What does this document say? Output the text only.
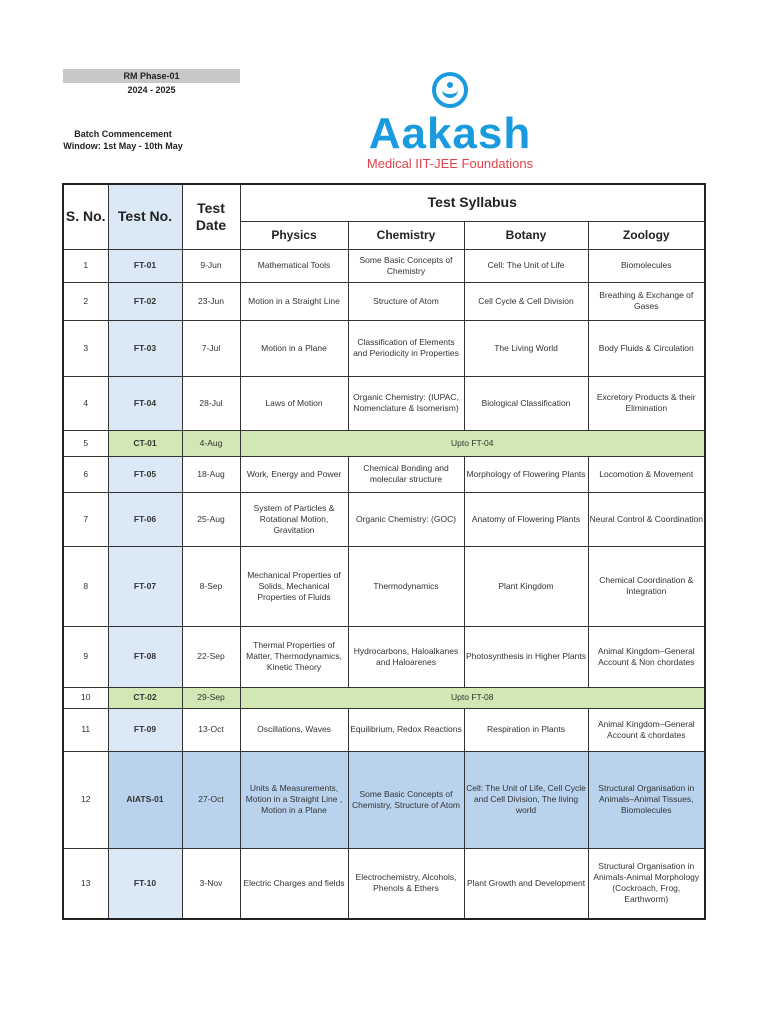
RM Phase-01
2024 - 2025
Batch Commencement Window: 1st May - 10th May	Aakash
Medical IIT-JEE Foundations
S. No.	Test No.	Test Date	Test Syllabus			
			Physics	Chemistry	Botany	Zoology
1	FT-01	9-Jun	Mathematical Tools	Some Basic Concepts of Chemistry	Cell: The Unit of Life	Biomolecules
2	FT-02	23-Jun	Motion in a Straight Line	Structure of Atom	Cell Cycle & Cell Division	Breathing & Exchange of Gases
3	FT-03	7-Jul	Motion in a Plane	Classification of Elements and Periodicity in Properties	The Living World	Body Fluids & Circulation
4	FT-04	28-Jul	Laws of Motion	Organic Chemistry: (IUPAC, Nomenclature & Isomerism)	Biological Classification	Excretory Products & their Elimination
5	CT-01	4-Aug	Upto FT-04			
6	FT-05	18-Aug	Work, Energy and Power	Chemical Bonding and molecular structure	Morphology of Flowering Plants	Locomotion & Movement
7	FT-06	25-Aug	System of Particles & Rotational Motion, Gravitation	Organic Chemistry: (GOC)	Anatomy of Flowering Plants	Neural Control & Coordination
8	FT-07	8-Sep	Mechanical Properties of Solids, Mechanical Properties of Fluids	Thermodynamics	Plant Kingdom	Chemical Coordination & Integration
9	FT-08	22-Sep	Thermal Properties of Matter, Thermodynamics, Kinetic Theory	Hydrocarbons, Haloalkanes and Haloarenes	Photosynthesis in Higher Plants	Animal Kingdom–General Account & Non chordates
10	CT-02	29-Sep	Upto FT-08			
11	FT-09	13-Oct	Oscillations, Waves	Equilibrium, Redox Reactions	Respiration in Plants	Animal Kingdom–General Account & chordates
12	AIATS-01	27-Oct	Units & Measurements, Motion in a Straight Line , Motion in a Plane	Some Basic Concepts of Chemistry, Structure of Atom	Cell: The Unit of Life, Cell Cycle and Cell Division, The living world	Structural Organisation in Animals–Animal Tissues, Biomolecules
13	FT-10	3-Nov	Electric Charges and fields	Electrochemistry, Alcohols, Phenols & Ethers	Plant Growth and Development	Structural Organisation in Animals-Animal Morphology (Cockroach, Frog, Earthworm)
